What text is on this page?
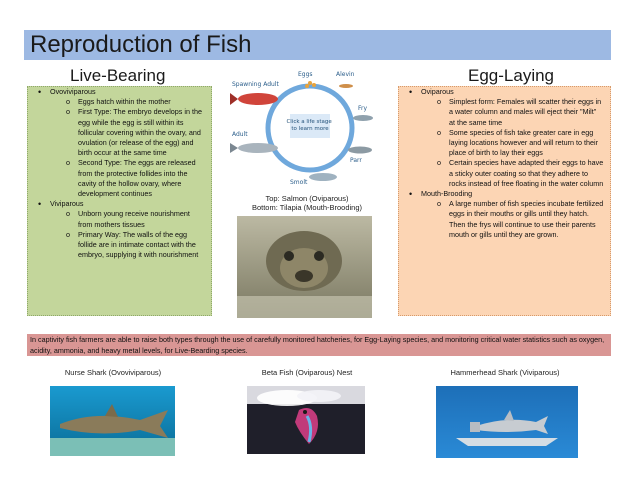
Reproduction of Fish
Live-Bearing	Egg-Laying
• Ovoviviparous
o Eggs hatch within the mother
o First Type: The embryo develops in the egg while the egg is still within its follicular covering within the ovary, and ovulation (or release of the egg) and birth occur at the same time
o Second Type: The eggs are released from the protective follides into the cavity of the hollow ovary, where development continues
• Viviparous
o Unborn young receive nourishment from mothers tissues
o Primary Way: The walls of the egg follide are in intimate contact with the embryo, supplying it with nourishment
• Oviparous
o Simplest form: Females will scatter their eggs in a water column and males will eject their "Milt" at the same time
o Some species of fish take greater care in egg laying locations however and will return to their place of birth to lay their eggs
o Certain species have adapted their eggs to have a sticky outer coating so that they adhere to rocks instead of free floating in the water column
• Mouth-Brooding
o A large number of fish species incubate fertilized eggs in their mouths or gills until they hatch. Then the frys will continue to use their parents mouth or gills until they are grown.
Click a life stage to learn more
Eggs	Alevin
Fry
Parr
Smolt
Adult
Spawning Adult
Top: Salmon (Oviparous)
Bottom: Tilapia (Mouth-Brooding)
In captivity fish farmers are able to raise both types through the use of carefully monitored hatcheries, for Egg-Laying species, and monitoring critical water statistics such as oxygen, acidity, ammonia, and heavy metal levels, for Live-Bearding species.
Nurse Shark (Ovoviviparous)	Beta Fish (Oviparous) Nest	Hammerhead Shark (Viviparous)
